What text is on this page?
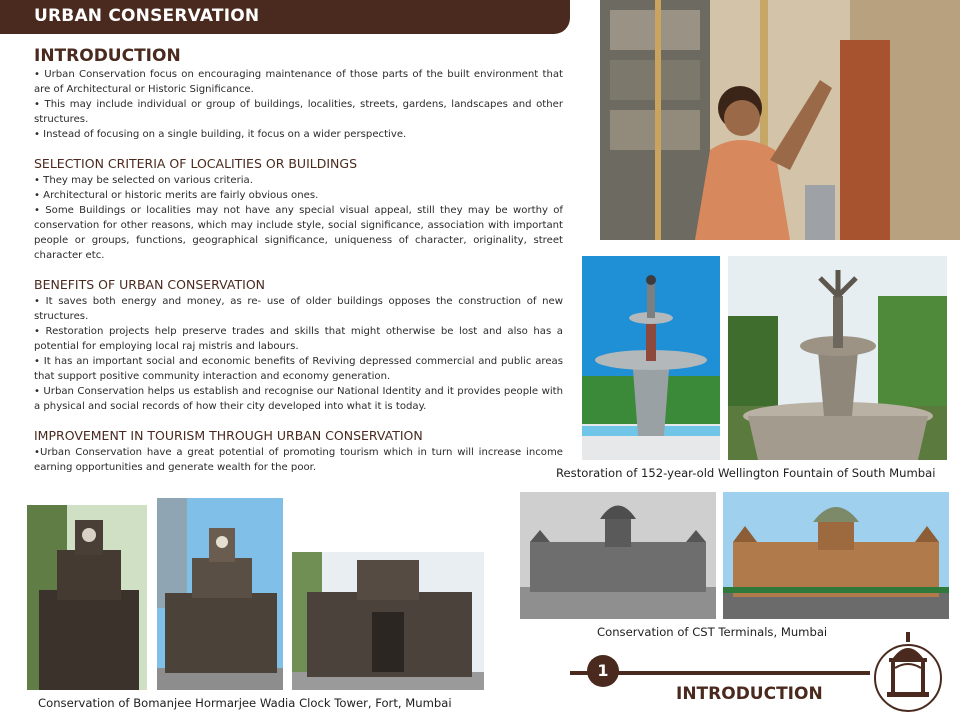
URBAN CONSERVATION
INTRODUCTION

• Urban Conservation focus on encouraging maintenance of those parts of the built environment that are of Architectural or Historic Significance.

• This may include individual or group of buildings, localities, streets, gardens, landscapes and other structures.

• Instead of focusing on a single building, it focus on a wider perspective.

SELECTION CRITERIA OF LOCALITIES OR BUILDINGS

• They may be selected on various criteria.

• Architectural or historic merits are fairly obvious ones.

• Some Buildings or localities may not have any special visual appeal, still they may be worthy of conservation for other reasons, which may include style, social significance, association with important people or groups, functions, geographical significance, uniqueness of character, originality, street character etc.

BENEFITS OF URBAN CONSERVATION

• It saves both energy and money, as re- use of older buildings opposes the construction of new structures.

• Restoration projects help preserve trades and skills that might otherwise be lost and also has a potential for employing local raj mistris and labours.

• It has an important social and economic benefits of Reviving depressed commercial and public areas that support positive community interaction and economy generation.

• Urban Conservation helps us establish and recognise our National Identity and it provides people with a physical and social records of how their city developed into what it is today.

IMPROVEMENT IN TOURISM THROUGH URBAN CONSERVATION

•Urban Conservation have a great potential of promoting tourism which in turn will increase income earning opportunities and generate wealth for the poor.	Restoration of 152-year-old Wellington Fountain of South Mumbai
Conservation of CST Terminals, Mumbai
Conservation of Bomanjee Hormarjee Wadia Clock Tower, Fort, Mumbai
1
INTRODUCTION
